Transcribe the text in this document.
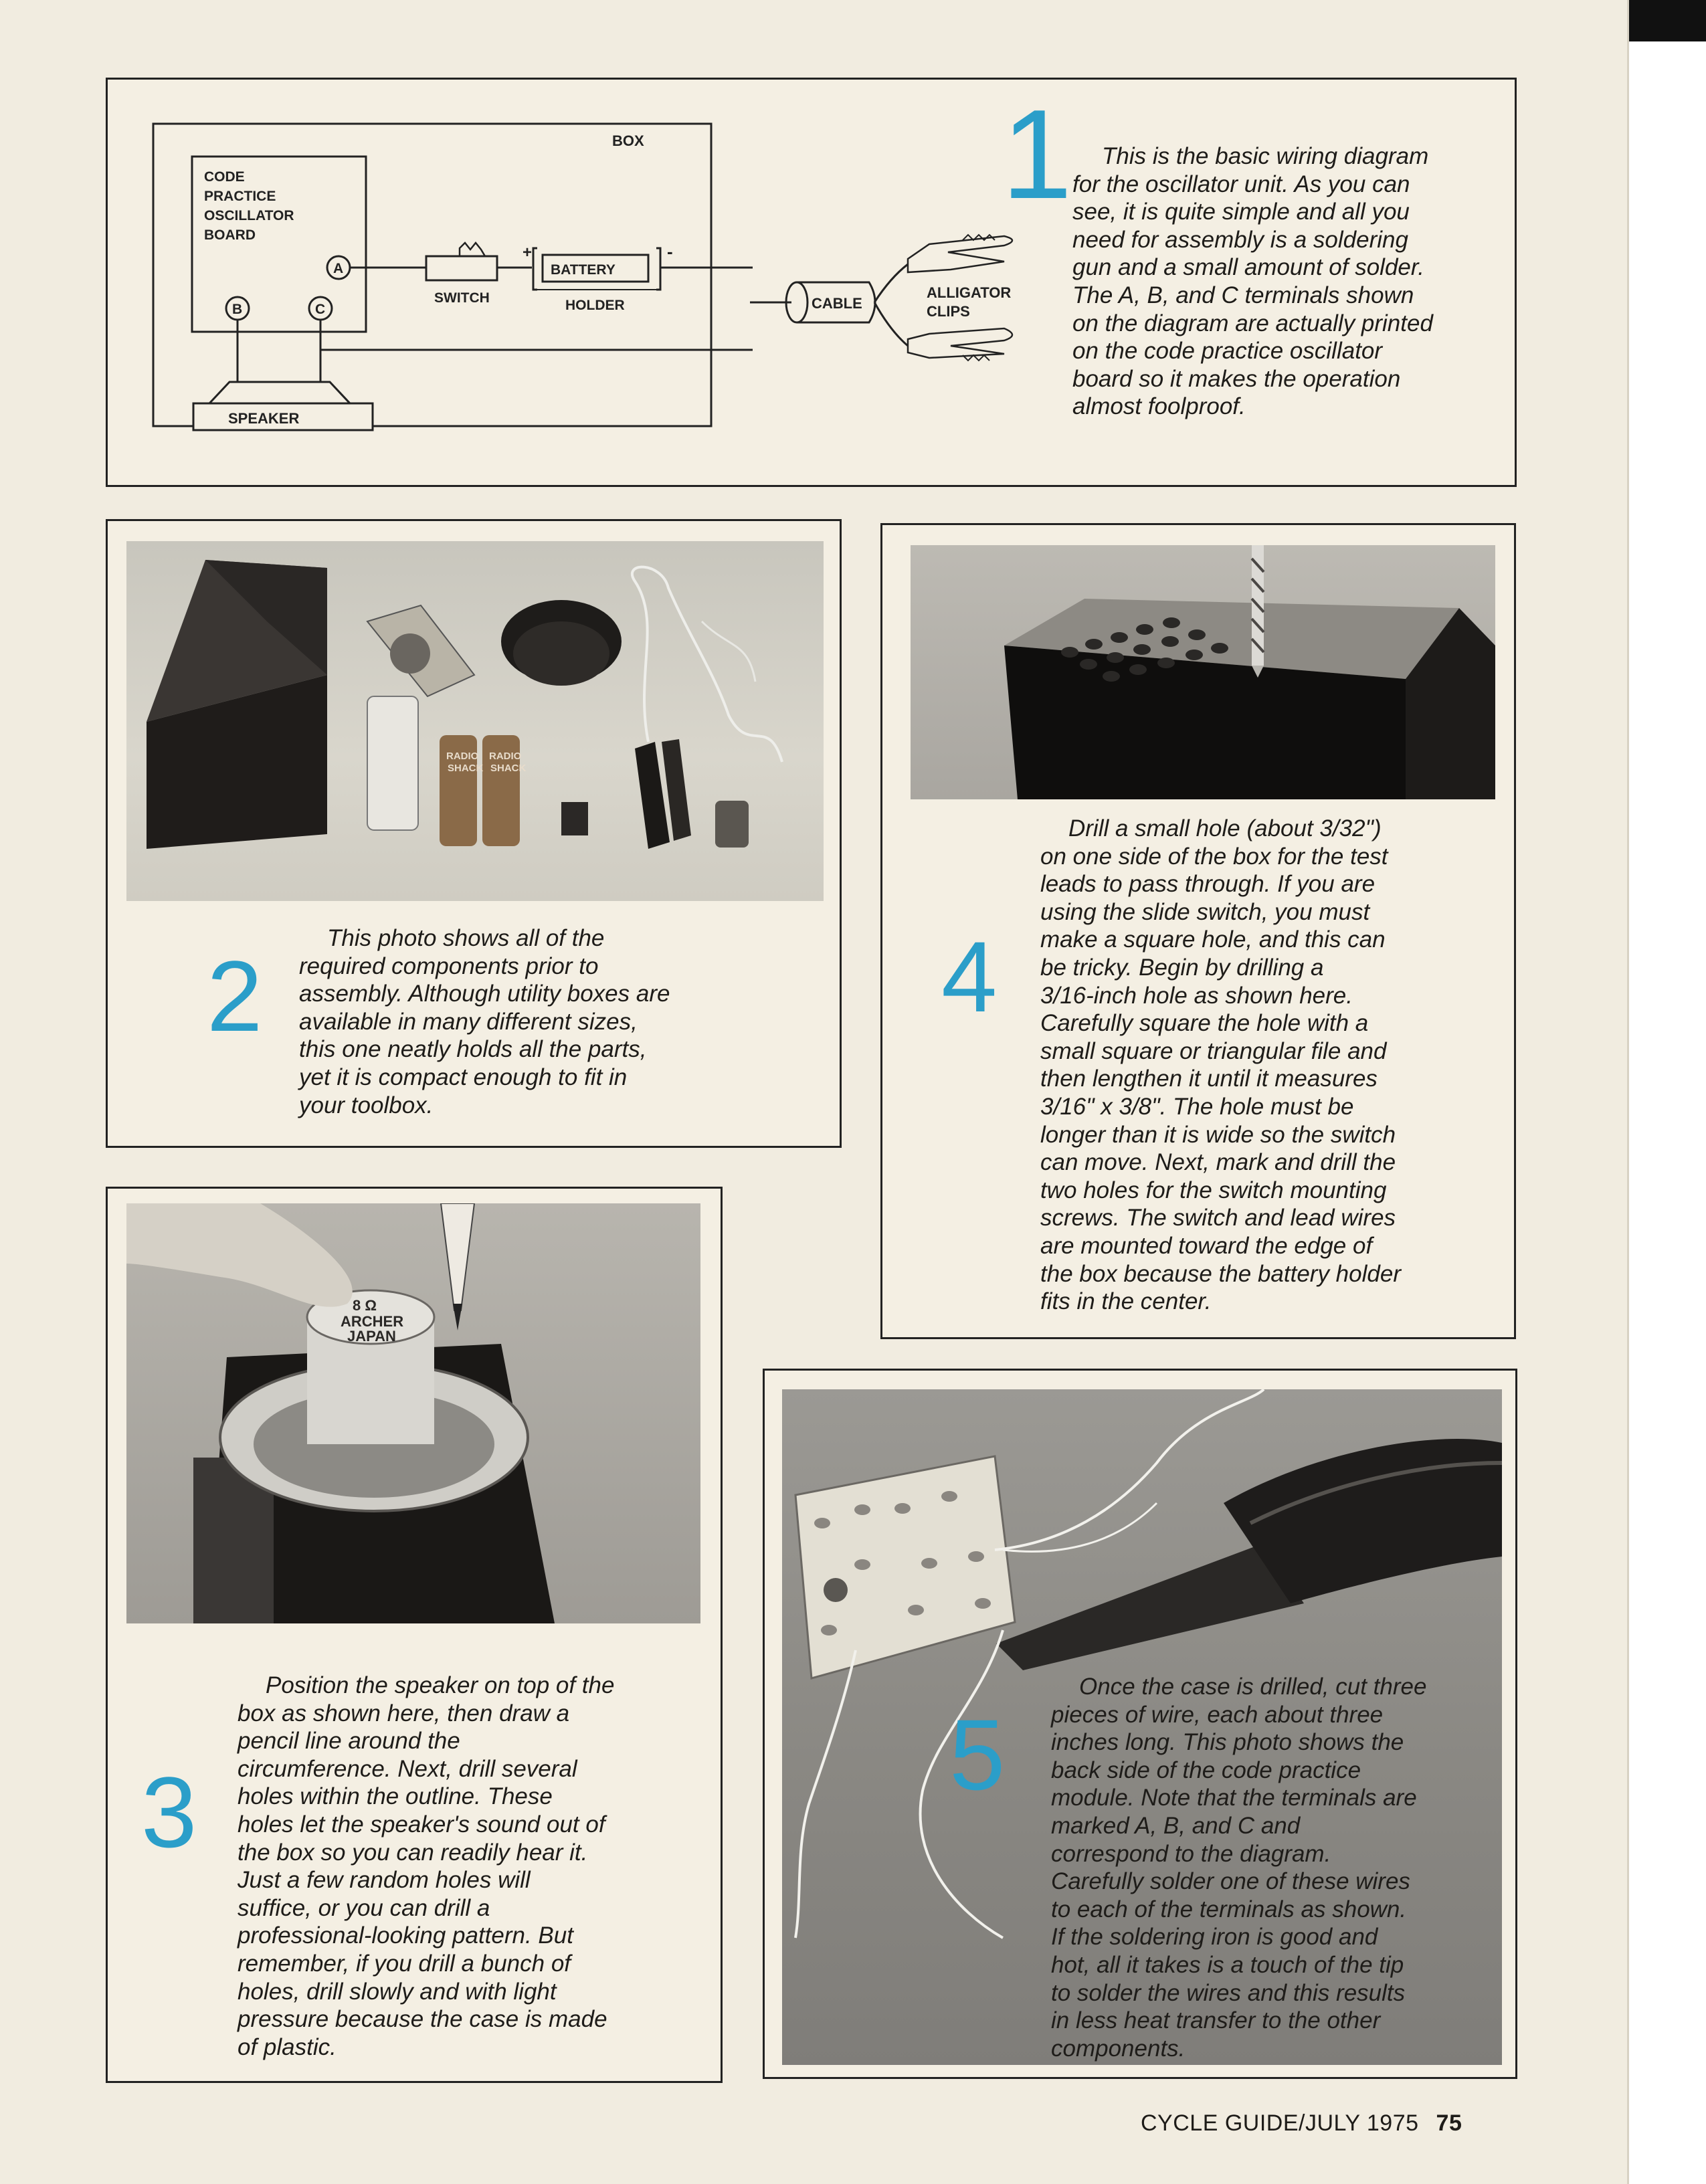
BOX
CODE
PRACTICE
OSCILLATOR
BOARD
A
B	C
SWITCH
+
BATTERY
HOLDER
-
SPEAKER
CABLE
ALLIGATOR
CLIPS
1	This is the basic wiring diagram
for the oscillator unit. As you can
see, it is quite simple and all you
need for assembly is a soldering
gun and a small amount of solder.
The A, B, and C terminals shown
on the diagram are actually printed
on the code practice oscillator
board so it makes the operation
almost foolproof.
RADIO
SHACK
RADIO
SHACK
2
This photo shows all of the
required components prior to
assembly. Although utility boxes are
available in many different sizes,
this one neatly holds all the parts,
yet it is compact enough to fit in
your toolbox.
4
Drill a small hole (about 3/32")
on one side of the box for the test
leads to pass through. If you are
using the slide switch, you must
make a square hole, and this can
be tricky. Begin by drilling a
3/16-inch hole as shown here.
Carefully square the hole with a
small square or triangular file and
then lengthen it until it measures
3/16" x 3/8". The hole must be
longer than it is wide so the switch
can move. Next, mark and drill the
two holes for the switch mounting
screws. The switch and lead wires
are mounted toward the edge of
the box because the battery holder
fits in the center.
8 Ω
ARCHER
JAPAN
3
Position the speaker on top of the
box as shown here, then draw a
pencil line around the
circumference. Next, drill several
holes within the outline. These
holes let the speaker's sound out of
the box so you can readily hear it.
Just a few random holes will
suffice, or you can drill a
professional-looking pattern. But
remember, if you drill a bunch of
holes, drill slowly and with light
pressure because the case is made
of plastic.
5
Once the case is drilled, cut three
pieces of wire, each about three
inches long. This photo shows the
back side of the code practice
module. Note that the terminals are
marked A, B, and C and
correspond to the diagram.
Carefully solder one of these wires
to each of the terminals as shown.
If the soldering iron is good and
hot, all it takes is a touch of the tip
to solder the wires and this results
in less heat transfer to the other
components.
CYCLE GUIDE/JULY 1975 75
